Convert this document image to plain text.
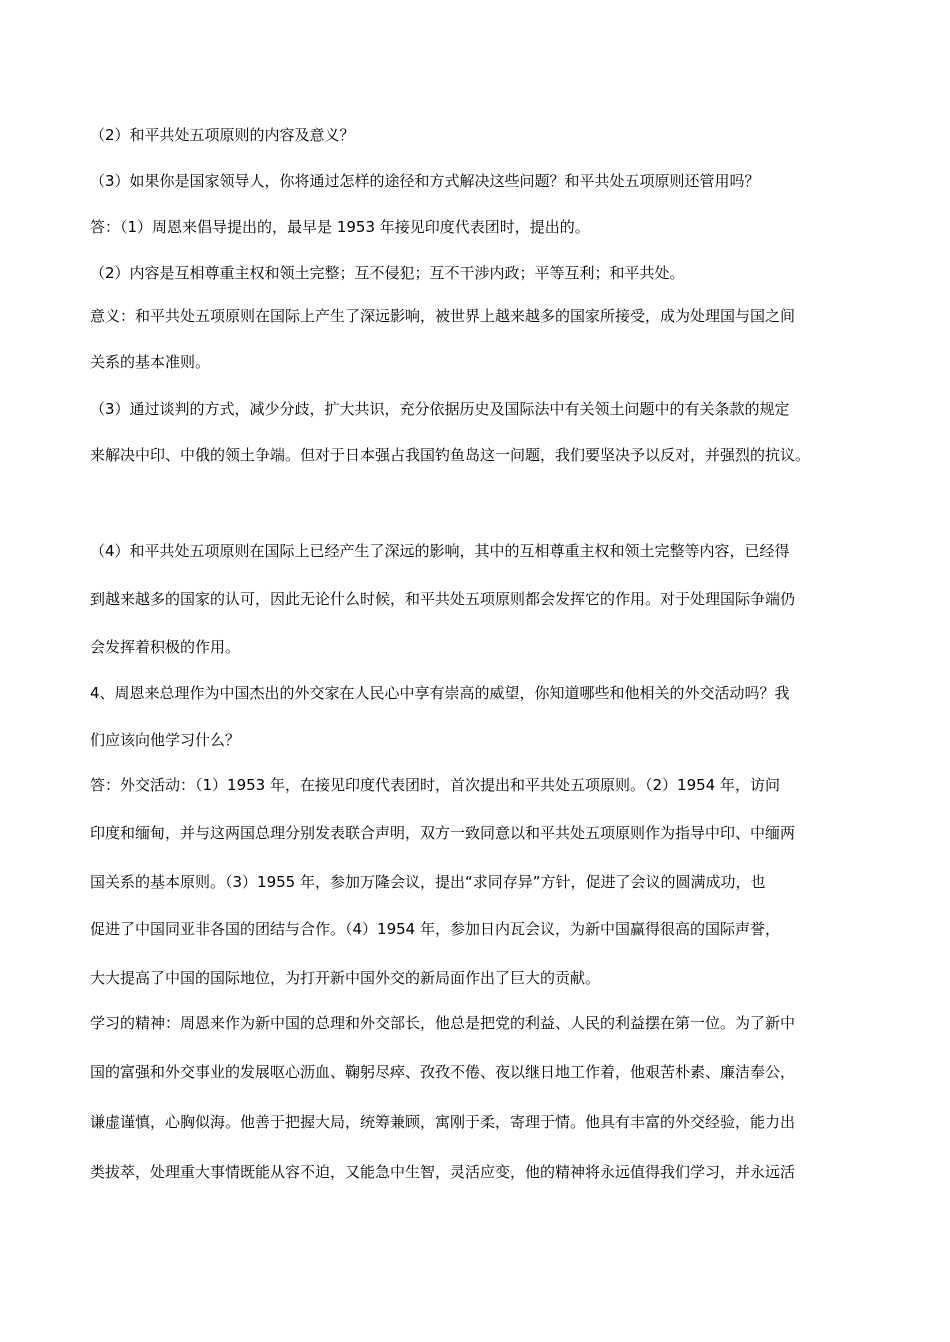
（2）和平共处五项原则的内容及意义？
（3）如果你是国家领导人，你将通过怎样的途径和方式解决这些问题？和平共处五项原则还管用吗？
答：（1）周恩来倡导提出的，最早是 1953 年接见印度代表团时，提出的。
（2）内容是互相尊重主权和领土完整；互不侵犯；互不干涉内政；平等互利；和平共处。
意义：和平共处五项原则在国际上产生了深远影响，被世界上越来越多的国家所接受，成为处理国与国之间
关系的基本准则。
（3）通过谈判的方式，减少分歧，扩大共识，充分依据历史及国际法中有关领土问题中的有关条款的规定
来解决中印、中俄的领土争端。但对于日本强占我国钓鱼岛这一问题，我们要坚决予以反对，并强烈的抗议。
（4）和平共处五项原则在国际上已经产生了深远的影响，其中的互相尊重主权和领土完整等内容，已经得
到越来越多的国家的认可，因此无论什么时候，和平共处五项原则都会发挥它的作用。对于处理国际争端仍
会发挥着积极的作用。
4、周恩来总理作为中国杰出的外交家在人民心中享有崇高的威望，你知道哪些和他相关的外交活动吗？我
们应该向他学习什么？
答：外交活动：（1）1953 年，在接见印度代表团时，首次提出和平共处五项原则。（2）1954 年，访问
印度和缅甸，并与这两国总理分别发表联合声明，双方一致同意以和平共处五项原则作为指导中印、中缅两
国关系的基本原则。（3）1955 年，参加万隆会议，提出“求同存异”方针，促进了会议的圆满成功，也
促进了中国同亚非各国的团结与合作。（4）1954 年，参加日内瓦会议，为新中国赢得很高的国际声誉，
大大提高了中国的国际地位，为打开新中国外交的新局面作出了巨大的贡献。
学习的精神：周恩来作为新中国的总理和外交部长，他总是把党的利益、人民的利益摆在第一位。为了新中
国的富强和外交事业的发展呕心沥血、鞠躬尽瘁、孜孜不倦、夜以继日地工作着，他艰苦朴素、廉洁奉公，
谦虚谨慎，心胸似海。他善于把握大局，统筹兼顾，寓刚于柔，寄理于情。他具有丰富的外交经验，能力出
类拔萃，处理重大事情既能从容不迫，又能急中生智，灵活应变，他的精神将永远值得我们学习，并永远活
